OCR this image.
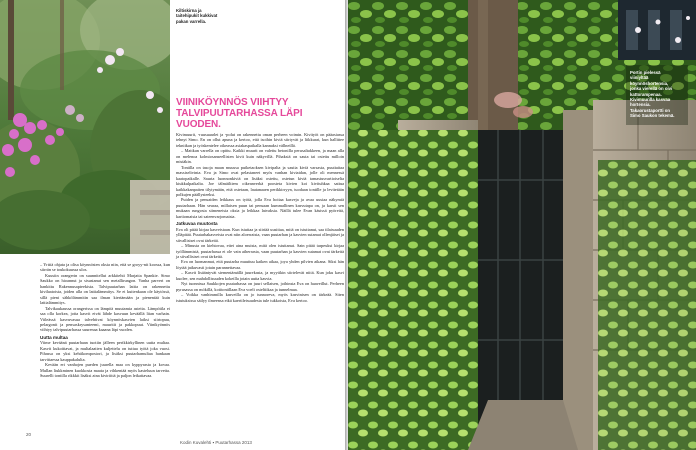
Kiltiskirna ja taitehipukit kukkivat pakan varrella.
VIINIKÖYNNÖS VIIHTYY TALVIPUUTARHASSA LÄPI VUODEN.

Kivimuurit, -ruusuaarlet ja -polut on rakennettu oman perheen voimin. Kivityöt on pääasiassa tehnyt Simo. En on ollut apuna ja kertoo, että isoihin kiviä siirtyvät ja liikkurat, kun hallittee tekniikan ja työskentelee oikeassa asiakaspaikalla kannaksi vällneillä.

– Mattkan varrella on opittu. Kaikki muurit on valettu betonilla perusaltakkeen, ja maan alla on melenoa kolmiosanseellisten kivit kuin näkyvillä. Pihaksiä on sauta tai ostettu milloin mistäkin.

Tontilla on tasoja maan muussa puiketaoksen kivipalta ja sautia kiviä varsasta, puuttaitaa massiselivinta. Eva ja Simo ovat pelastaneet myös vanhan kiviaidan, jolle oli mennessä kaatopaikalle. Sauria luonnonkiviä on lisäksi ostettu, ostetun kiviä tamastusvartioiselta kiukkulpaikalta. Joe tälmäiltiem oikeanverkä poosteta kivien koi kivituhkaa sattua kaikkakanpaiten tilytymään, että ostetaan, lautanaaen perikkirryyn, tuodaan tontille ja levitetään polkujen päällysteeksi.

Puiden ja pensaiden leikkaus on työtä, jolla Eva hoitaa kasveja ja avaa uusiaa näkymiä puutarhaan. Hän seuraa, millaisen puun tai pensaan kummallinen kasvutapa on, ja karsii sen mukaan rungosta siimeneisia oksia ja leikkaa latvaksia. Näillä tulee Evan käsissä pyöreitä, kartiomaisia tai sateenvarjomaisia.

Jatkuvaa muutosta

Eva oli pitää kirjaa kasveistaan. Kun istuttaa ja siirtää uusittaa, mitä on istuttanut, saa tilaisuuden ylläpitää. Puutarhakasveista ovat niin aloerraista, vaan puutarhan ja kasvien sutamat ollenjäiset ja siivallisiset ovat tärkeitä.

– Minusta on kiehtovaa, ettei aina muista, mitä olen istuttanut. Sain pitää tarpeuksi kirjaa työllämmistä, puutarhassa ei ole vain aiherrasta, vaan puutarhan ja kasvien sutamat ovat tärkeitä ja siivallisiset ovat tärkeitä.

Eva on luomanmat, että puutarha muuttuu kaiken aikaa, joya yhden pilvien aikana. Siksi hän löytää jatkuvasti jotain parannettavaa.

– Kasvit lisääntyvät siementämällä juurekasta, ja myytikin siirtelevät niitä. Kun joku kasvi kuolee, sen mahdollisuuden kokeilla jotain uutta kasvia.

Nyt tuonnissa Saukkojen puutarhassa on juuri sellaisen, joihinsta Eva on haaveillut. Perheen pyrusassa on mökillä, kotitontillaan Eva voeli osteltiikaa ja tunnelmaa.

– Voikka vanhimmilla kasveilla on jo tunnoreva, myös kasvinisen on tärkeää. Siten istutuksissa säilyy ilmeensa eikä kaertileisuudesta tule tukkoista, Eva kertoo.

– Yrttiä ohjata ja olisa köynnösten oksia niin, että se groyy-nit koossa, kun siirrän se toukokuussa ulos.

Kuusiin orangerin on suunnitellut arkkitehti Marjatta Spankie. Simo Saukko on hioannut ja sisustanut sen metallirungon. Vanha parveri on hankittu Rakennusapteekista. Talvipuutarhan lattia on rakennettu kivilaatoista, joiden alla on lattialämmitys. Se ei kuitenkaan ole käytössä, sillä pieni sähkölämmitin saa ilman kiertämään ja pienentää kuin lattialämmitys.

Talvikaukaussa orangerissa on lämpöä muutamia asteita. Lämpötila ei saa olla korkea, jotta kasvit eivät lähde kasvuun keväällä liian varhain. Viileässä kasvuvasua talvehtivat köynnöskasvien laiksi siirtopuu, pelargonit ja pensaskrysanteemi, mauritit ja pakkopuut. Viinikyönnös viihtyy talvipuutarhassa suurenaa kaaana läpi vuoden.

Uutta multaa

Viime keväänä puutarhaan tuotiin jälleen perikkirkyllinen uutta multaa. Kasvit kukoittavat, ja multalaatien kuljettelu on tuttua työtä joka vuosi. Pihassa on yksi kehtikompostori, ja lisäksi puutarhamultaa hankaan tarvittaessa kauppakalulta.

Kevään eri vanhojen pueden juurella maa on kyppyrasta ja kovaa. Mullan liukkminen kuokkosta maata ja vihkentää myös kasteluun tarvetta. Suurelli tontilla rikkkit lisäksi aina kiviriittä ja paljon leikattavaa.

20
Kodin Kuvalehti ▪ Puutarhassa 2013
Portin pielessä viiniyltää köynnöshortensia, jonka vierellä on oivi kattorampenaa. Kivimuurilla kasvaa hortensia. Takaorustaportti on Simo Saukon tekemä.
